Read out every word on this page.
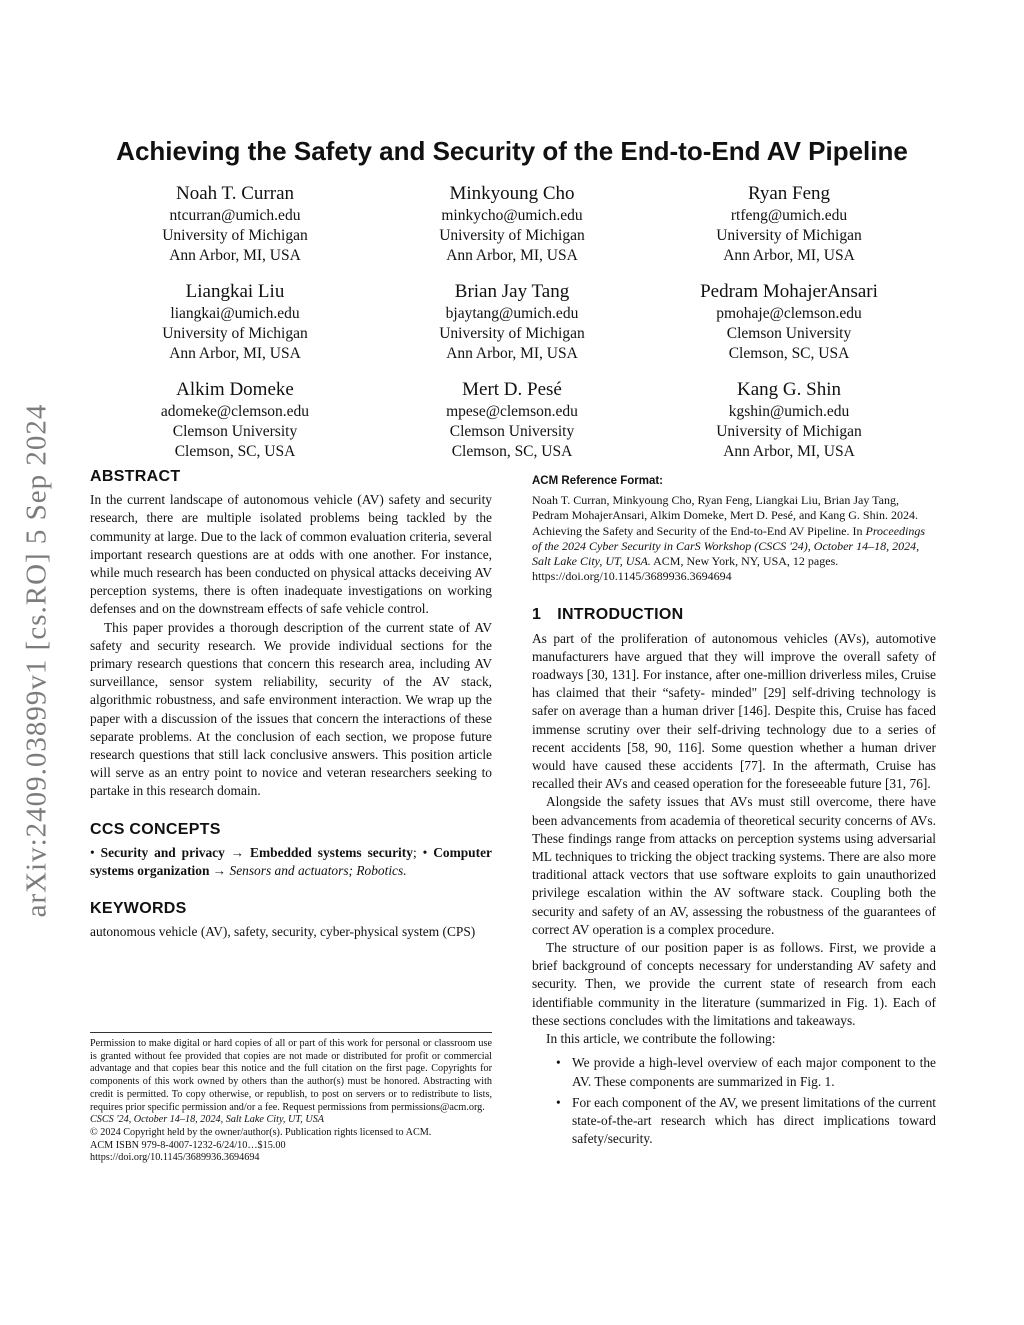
arXiv:2409.03899v1 [cs.RO] 5 Sep 2024
Achieving the Safety and Security of the End-to-End AV Pipeline
Noah T. Curran
ntcurran@umich.edu
University of Michigan
Ann Arbor, MI, USA
Minkyoung Cho
minkycho@umich.edu
University of Michigan
Ann Arbor, MI, USA
Ryan Feng
rtfeng@umich.edu
University of Michigan
Ann Arbor, MI, USA
Liangkai Liu
liangkai@umich.edu
University of Michigan
Ann Arbor, MI, USA
Brian Jay Tang
bjaytang@umich.edu
University of Michigan
Ann Arbor, MI, USA
Pedram MohajerAnsari
pmohaje@clemson.edu
Clemson University
Clemson, SC, USA
Alkim Domeke
adomeke@clemson.edu
Clemson University
Clemson, SC, USA
Mert D. Pesé
mpese@clemson.edu
Clemson University
Clemson, SC, USA
Kang G. Shin
kgshin@umich.edu
University of Michigan
Ann Arbor, MI, USA
ABSTRACT

In the current landscape of autonomous vehicle (AV) safety and security research, there are multiple isolated problems being tackled by the community at large. Due to the lack of common evaluation criteria, several important research questions are at odds with one another. For instance, while much research has been conducted on physical attacks deceiving AV perception systems, there is often inadequate investigations on working defenses and on the downstream effects of safe vehicle control.

This paper provides a thorough description of the current state of AV safety and security research. We provide individual sections for the primary research questions that concern this research area, including AV surveillance, sensor system reliability, security of the AV stack, algorithmic robustness, and safe environment interaction. We wrap up the paper with a discussion of the issues that concern the interactions of these separate problems. At the conclusion of each section, we propose future research questions that still lack conclusive answers. This position article will serve as an entry point to novice and veteran researchers seeking to partake in this research domain.

CCS CONCEPTS

• Security and privacy → Embedded systems security; • Computer systems organization → Sensors and actuators; Robotics.

KEYWORDS

autonomous vehicle (AV), safety, security, cyber-physical system (CPS)

Permission to make digital or hard copies of all or part of this work for personal or classroom use is granted without fee provided that copies are not made or distributed for profit or commercial advantage and that copies bear this notice and the full citation on the first page. Copyrights for components of this work owned by others than the author(s) must be honored. Abstracting with credit is permitted. To copy otherwise, or republish, to post on servers or to redistribute to lists, requires prior specific permission and/or a fee. Request permissions from permissions@acm.org.

CSCS '24, October 14–18, 2024, Salt Lake City, UT, USA

© 2024 Copyright held by the owner/author(s). Publication rights licensed to ACM.

ACM ISBN 979-8-4007-1232-6/24/10…$15.00

https://doi.org/10.1145/3689936.3694694

ACM Reference Format:

Noah T. Curran, Minkyoung Cho, Ryan Feng, Liangkai Liu, Brian Jay Tang, Pedram MohajerAnsari, Alkim Domeke, Mert D. Pesé, and Kang G. Shin. 2024. Achieving the Safety and Security of the End-to-End AV Pipeline. In Proceedings of the 2024 Cyber Security in CarS Workshop (CSCS '24), October 14–18, 2024, Salt Lake City, UT, USA. ACM, New York, NY, USA, 12 pages. https://doi.org/10.1145/3689936.3694694

1 INTRODUCTION

As part of the proliferation of autonomous vehicles (AVs), automotive manufacturers have argued that they will improve the overall safety of roadways [30, 131]. For instance, after one-million driverless miles, Cruise has claimed that their “safety- minded" [29] self-driving technology is safer on average than a human driver [146]. Despite this, Cruise has faced immense scrutiny over their self-driving technology due to a series of recent accidents [58, 90, 116]. Some question whether a human driver would have caused these accidents [77]. In the aftermath, Cruise has recalled their AVs and ceased operation for the foreseeable future [31, 76].

Alongside the safety issues that AVs must still overcome, there have been advancements from academia of theoretical security concerns of AVs. These findings range from attacks on perception systems using adversarial ML techniques to tricking the object tracking systems. There are also more traditional attack vectors that use software exploits to gain unauthorized privilege escalation within the AV software stack. Coupling both the security and safety of an AV, assessing the robustness of the guarantees of correct AV operation is a complex procedure.

The structure of our position paper is as follows. First, we provide a brief background of concepts necessary for understanding AV safety and security. Then, we provide the current state of research from each identifiable community in the literature (summarized in Fig. 1). Each of these sections concludes with the limitations and takeaways.

In this article, we contribute the following:

• We provide a high-level overview of each major component to the AV. These components are summarized in Fig. 1.
• For each component of the AV, we present limitations of the current state-of-the-art research which has direct implications toward safety/security.
